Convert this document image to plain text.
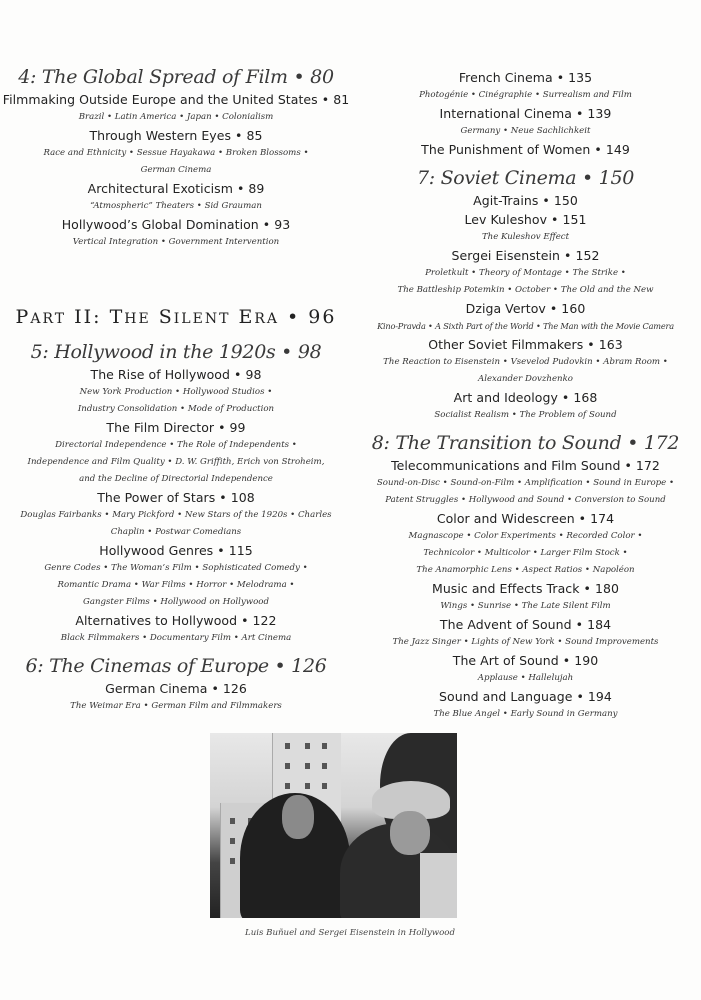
4: The Global Spread of Film • 80
Filmmaking Outside Europe and the United States • 81
Brazil • Latin America • Japan • Colonialism
Through Western Eyes • 85
Race and Ethnicity • Sessue Hayakawa • Broken Blossoms •
German Cinema
Architectural Exoticism • 89
“Atmospheric” Theaters • Sid Grauman
Hollywood’s Global Domination • 93
Vertical Integration • Government Intervention
PART II: THE SILENT ERA • 96
5: Hollywood in the 1920s • 98
The Rise of Hollywood • 98
New York Production • Hollywood Studios •
Industry Consolidation • Mode of Production
The Film Director • 99
Directorial Independence • The Role of Independents •
Independence and Film Quality • D. W. Griffith, Erich von Stroheim,
and the Decline of Directorial Independence
The Power of Stars • 108
Douglas Fairbanks • Mary Pickford • New Stars of the 1920s • Charles
Chaplin • Postwar Comedians
Hollywood Genres • 115
Genre Codes • The Woman’s Film • Sophisticated Comedy •
Romantic Drama • War Films • Horror • Melodrama •
Gangster Films • Hollywood on Hollywood
Alternatives to Hollywood • 122
Black Filmmakers • Documentary Film • Art Cinema
6: The Cinemas of Europe • 126
German Cinema • 126
The Weimar Era • German Film and Filmmakers
French Cinema • 135
Photogénie • Cinégraphie • Surrealism and Film
International Cinema • 139
Germany • Neue Sachlichkeit
The Punishment of Women • 149
7: Soviet Cinema • 150
Agit-Trains • 150
Lev Kuleshov • 151
The Kuleshov Effect
Sergei Eisenstein • 152
Proletkult • Theory of Montage • The Strike •
The Battleship Potemkin • October • The Old and the New
Dziga Vertov • 160
Kino-Pravda • A Sixth Part of the World • The Man with the Movie Camera
Other Soviet Filmmakers • 163
The Reaction to Eisenstein • Vsevelod Pudovkin • Abram Room •
Alexander Dovzhenko
Art and Ideology • 168
Socialist Realism • The Problem of Sound
8: The Transition to Sound • 172
Telecommunications and Film Sound • 172
Sound-on-Disc • Sound-on-Film • Amplification • Sound in Europe •
Patent Struggles • Hollywood and Sound • Conversion to Sound
Color and Widescreen • 174
Magnascope • Color Experiments • Recorded Color •
Technicolor • Multicolor • Larger Film Stock •
The Anamorphic Lens • Aspect Ratios • Napoléon
Music and Effects Track • 180
Wings • Sunrise • The Late Silent Film
The Advent of Sound • 184
The Jazz Singer • Lights of New York • Sound Improvements
The Art of Sound • 190
Applause • Hallelujah
Sound and Language • 194
The Blue Angel • Early Sound in Germany
Luis Buñuel and Sergei Eisenstein in Hollywood
